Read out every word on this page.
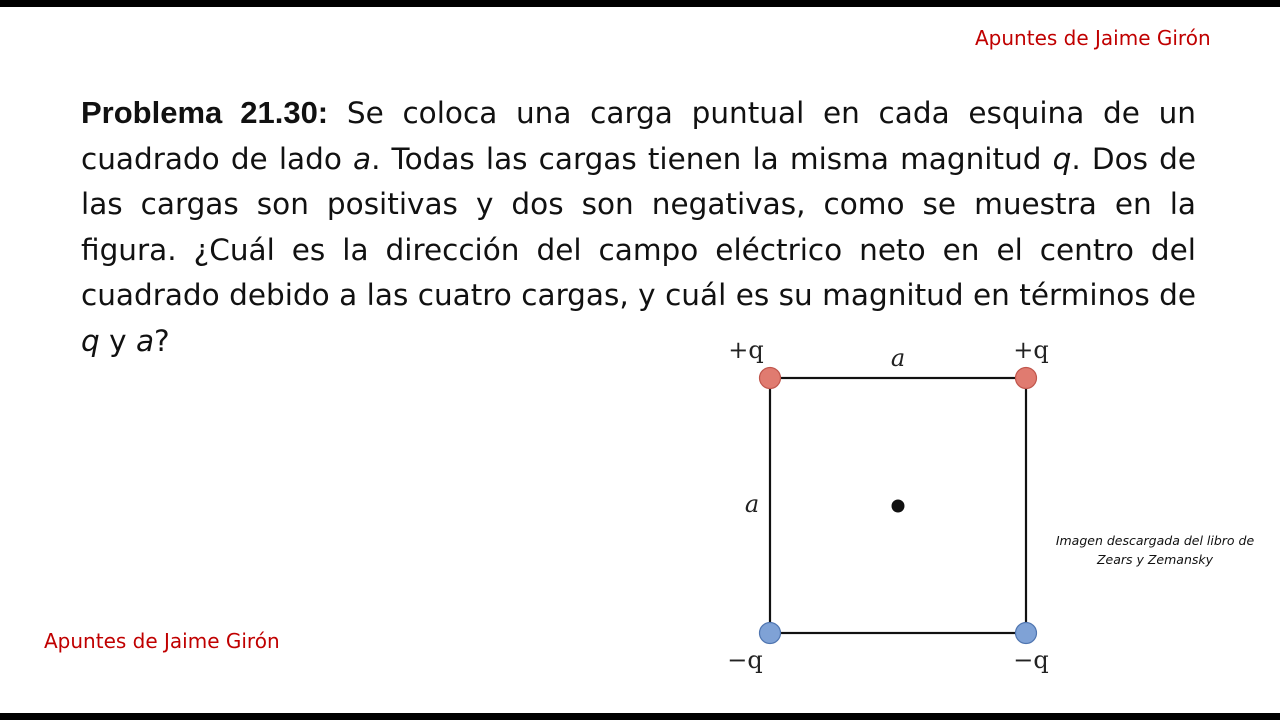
Apuntes de Jaime Girón
Problema 21.30: Se coloca una carga puntual en cada esquina de un cuadrado de lado a. Todas las cargas tienen la misma magnitud q. Dos de las cargas son positivas y dos son negativas, como se muestra en la figura. ¿Cuál es la dirección del campo eléctrico neto en el centro del cuadrado debido a las cuatro cargas, y cuál es su magnitud en términos de q y a?	+q	+q
−q	−q
a
a
Imagen descargada del libro de Zears y Zemansky
Apuntes de Jaime Girón
